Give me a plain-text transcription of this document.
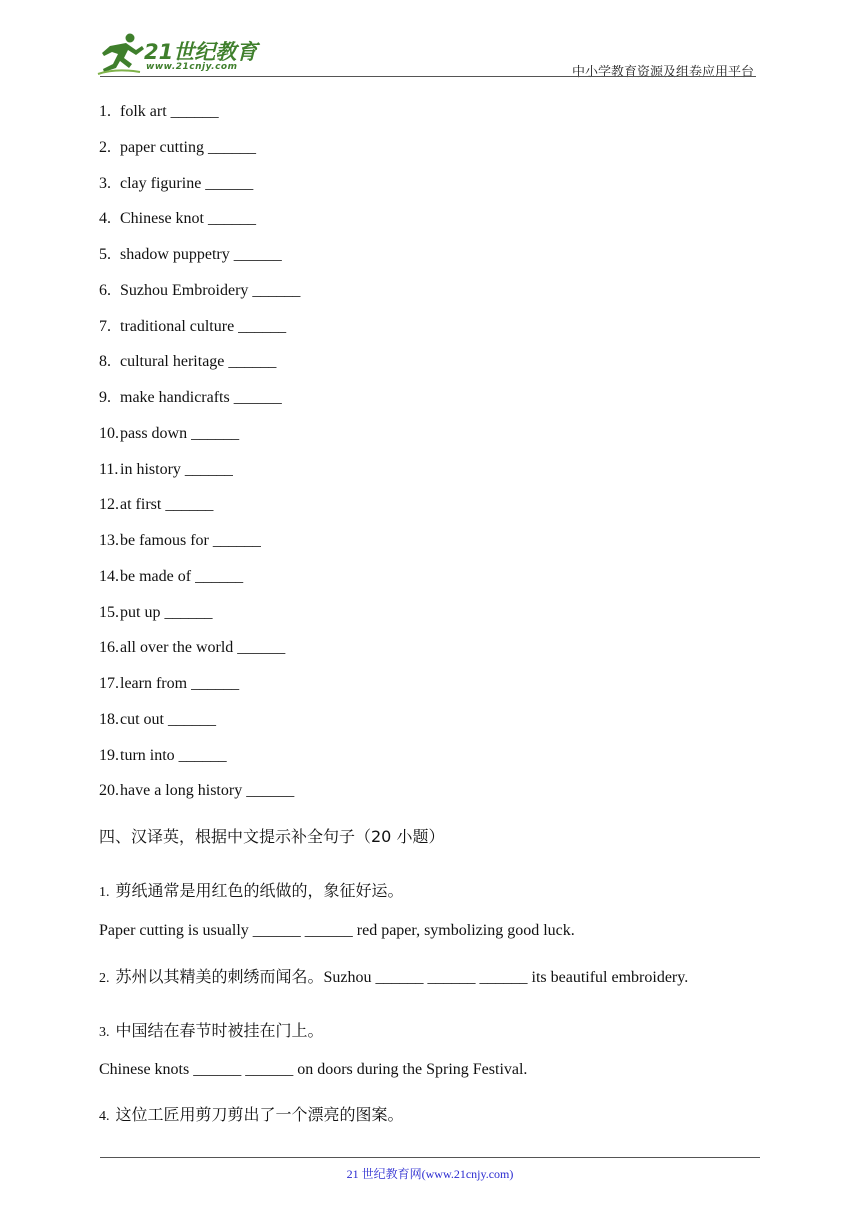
21世纪教育
www.21cnjy.com	中小学教育资源及组卷应用平台
1. folk art ______
2. paper cutting ______
3. clay figurine ______
4. Chinese knot ______
5. shadow puppetry ______
6. Suzhou Embroidery ______
7. traditional culture ______
8. cultural heritage ______
9. make handicrafts ______
10. pass down ______
11. in history ______
12. at first ______
13. be famous for ______
14. be made of ______
15. put up ______
16. all over the world ______
17. learn from ______
18. cut out ______
19. turn into ______
20. have a long history ______
四、汉译英，根据中文提示补全句子（20 小题）
1. 剪纸通常是用红色的纸做的，象征好运。
Paper cutting is usually ______ ______ red paper, symbolizing good luck.
2. 苏州以其精美的刺绣而闻名。Suzhou ______ ______ ______ its beautiful embroidery.
3. 中国结在春节时被挂在门上。
Chinese knots ______ ______ on doors during the Spring Festival.
4. 这位工匠用剪刀剪出了一个漂亮的图案。
21 世纪教育网(www.21cnjy.com)
